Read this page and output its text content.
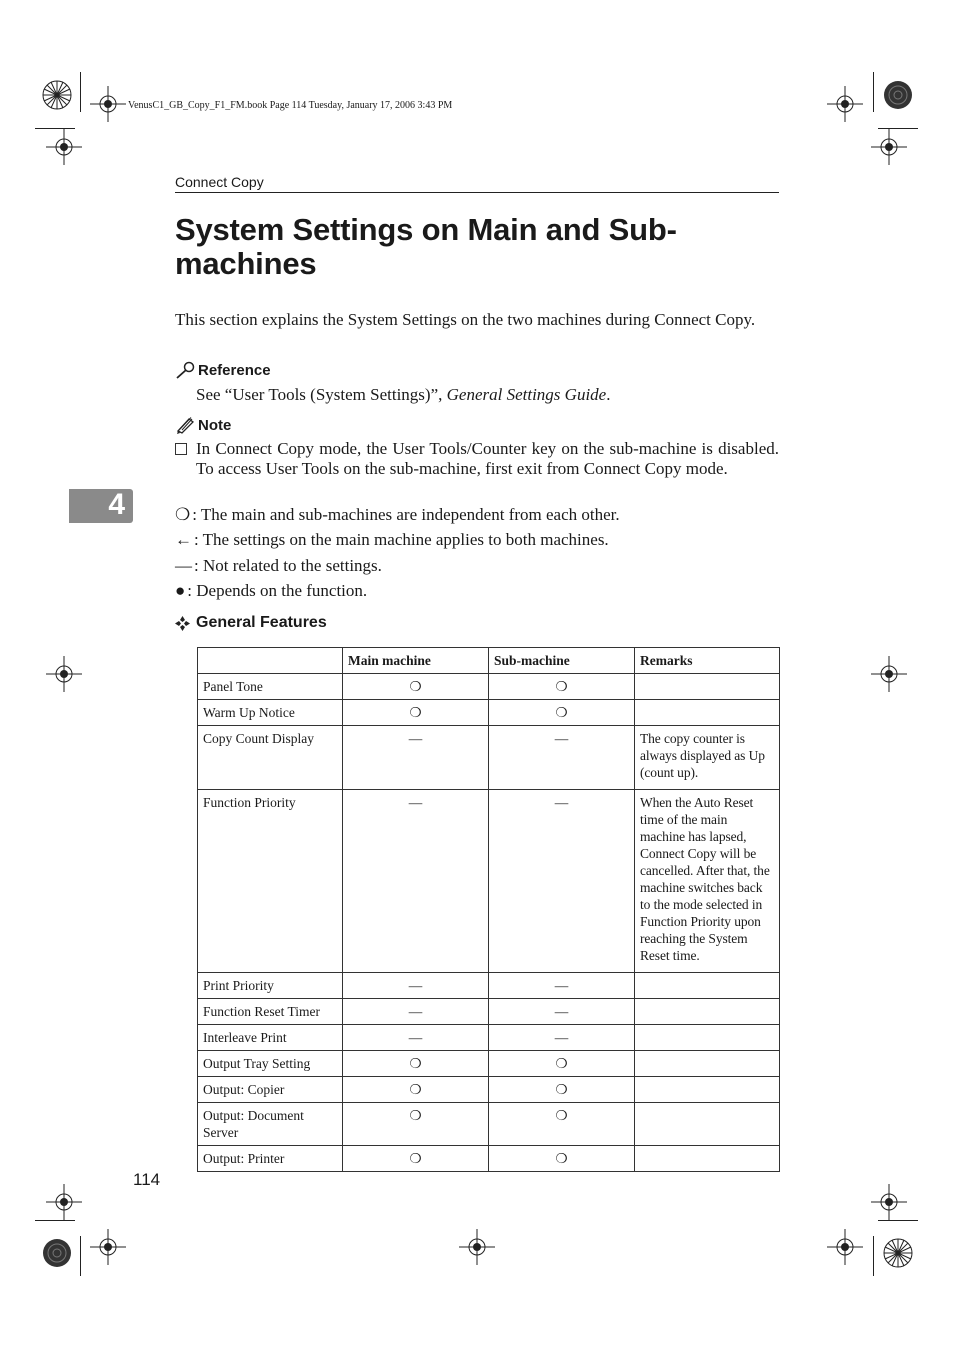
VenusC1_GB_Copy_F1_FM.book Page 114 Tuesday, January 17, 2006 3:43 PM
Connect Copy
System Settings on Main and Sub-
machines

This section explains the System Settings on the two machines during Connect Copy.

Reference
See “User Tools (System Settings)”, General Settings Guide.
Note
In Connect Copy mode, the User Tools/Counter key on the sub-machine is disabled. To access User Tools on the sub-machine, first exit from Connect Copy mode.
❍ : The main and sub-machines are independent from each other.
← : The settings on the main machine applies to both machines.
— : Not related to the settings.
● : Depends on the function.
General Features
	Main machine	Sub-machine	Remarks
Panel Tone	❍	❍	
Warm Up Notice	❍	❍	
Copy Count Display	—	—	The copy counter is always displayed as Up (count up).
Function Priority	—	—	When the Auto Reset time of the main machine has lapsed, Connect Copy will be cancelled. After that, the machine switches back to the mode selected in Function Priority upon reaching the System Reset time.
Print Priority	—	—	
Function Reset Timer	—	—	
Interleave Print	—	—	
Output Tray Setting	❍	❍	
Output: Copier	❍	❍	
Output: Document Server	❍	❍	
Output: Printer	❍	❍	
4
114
